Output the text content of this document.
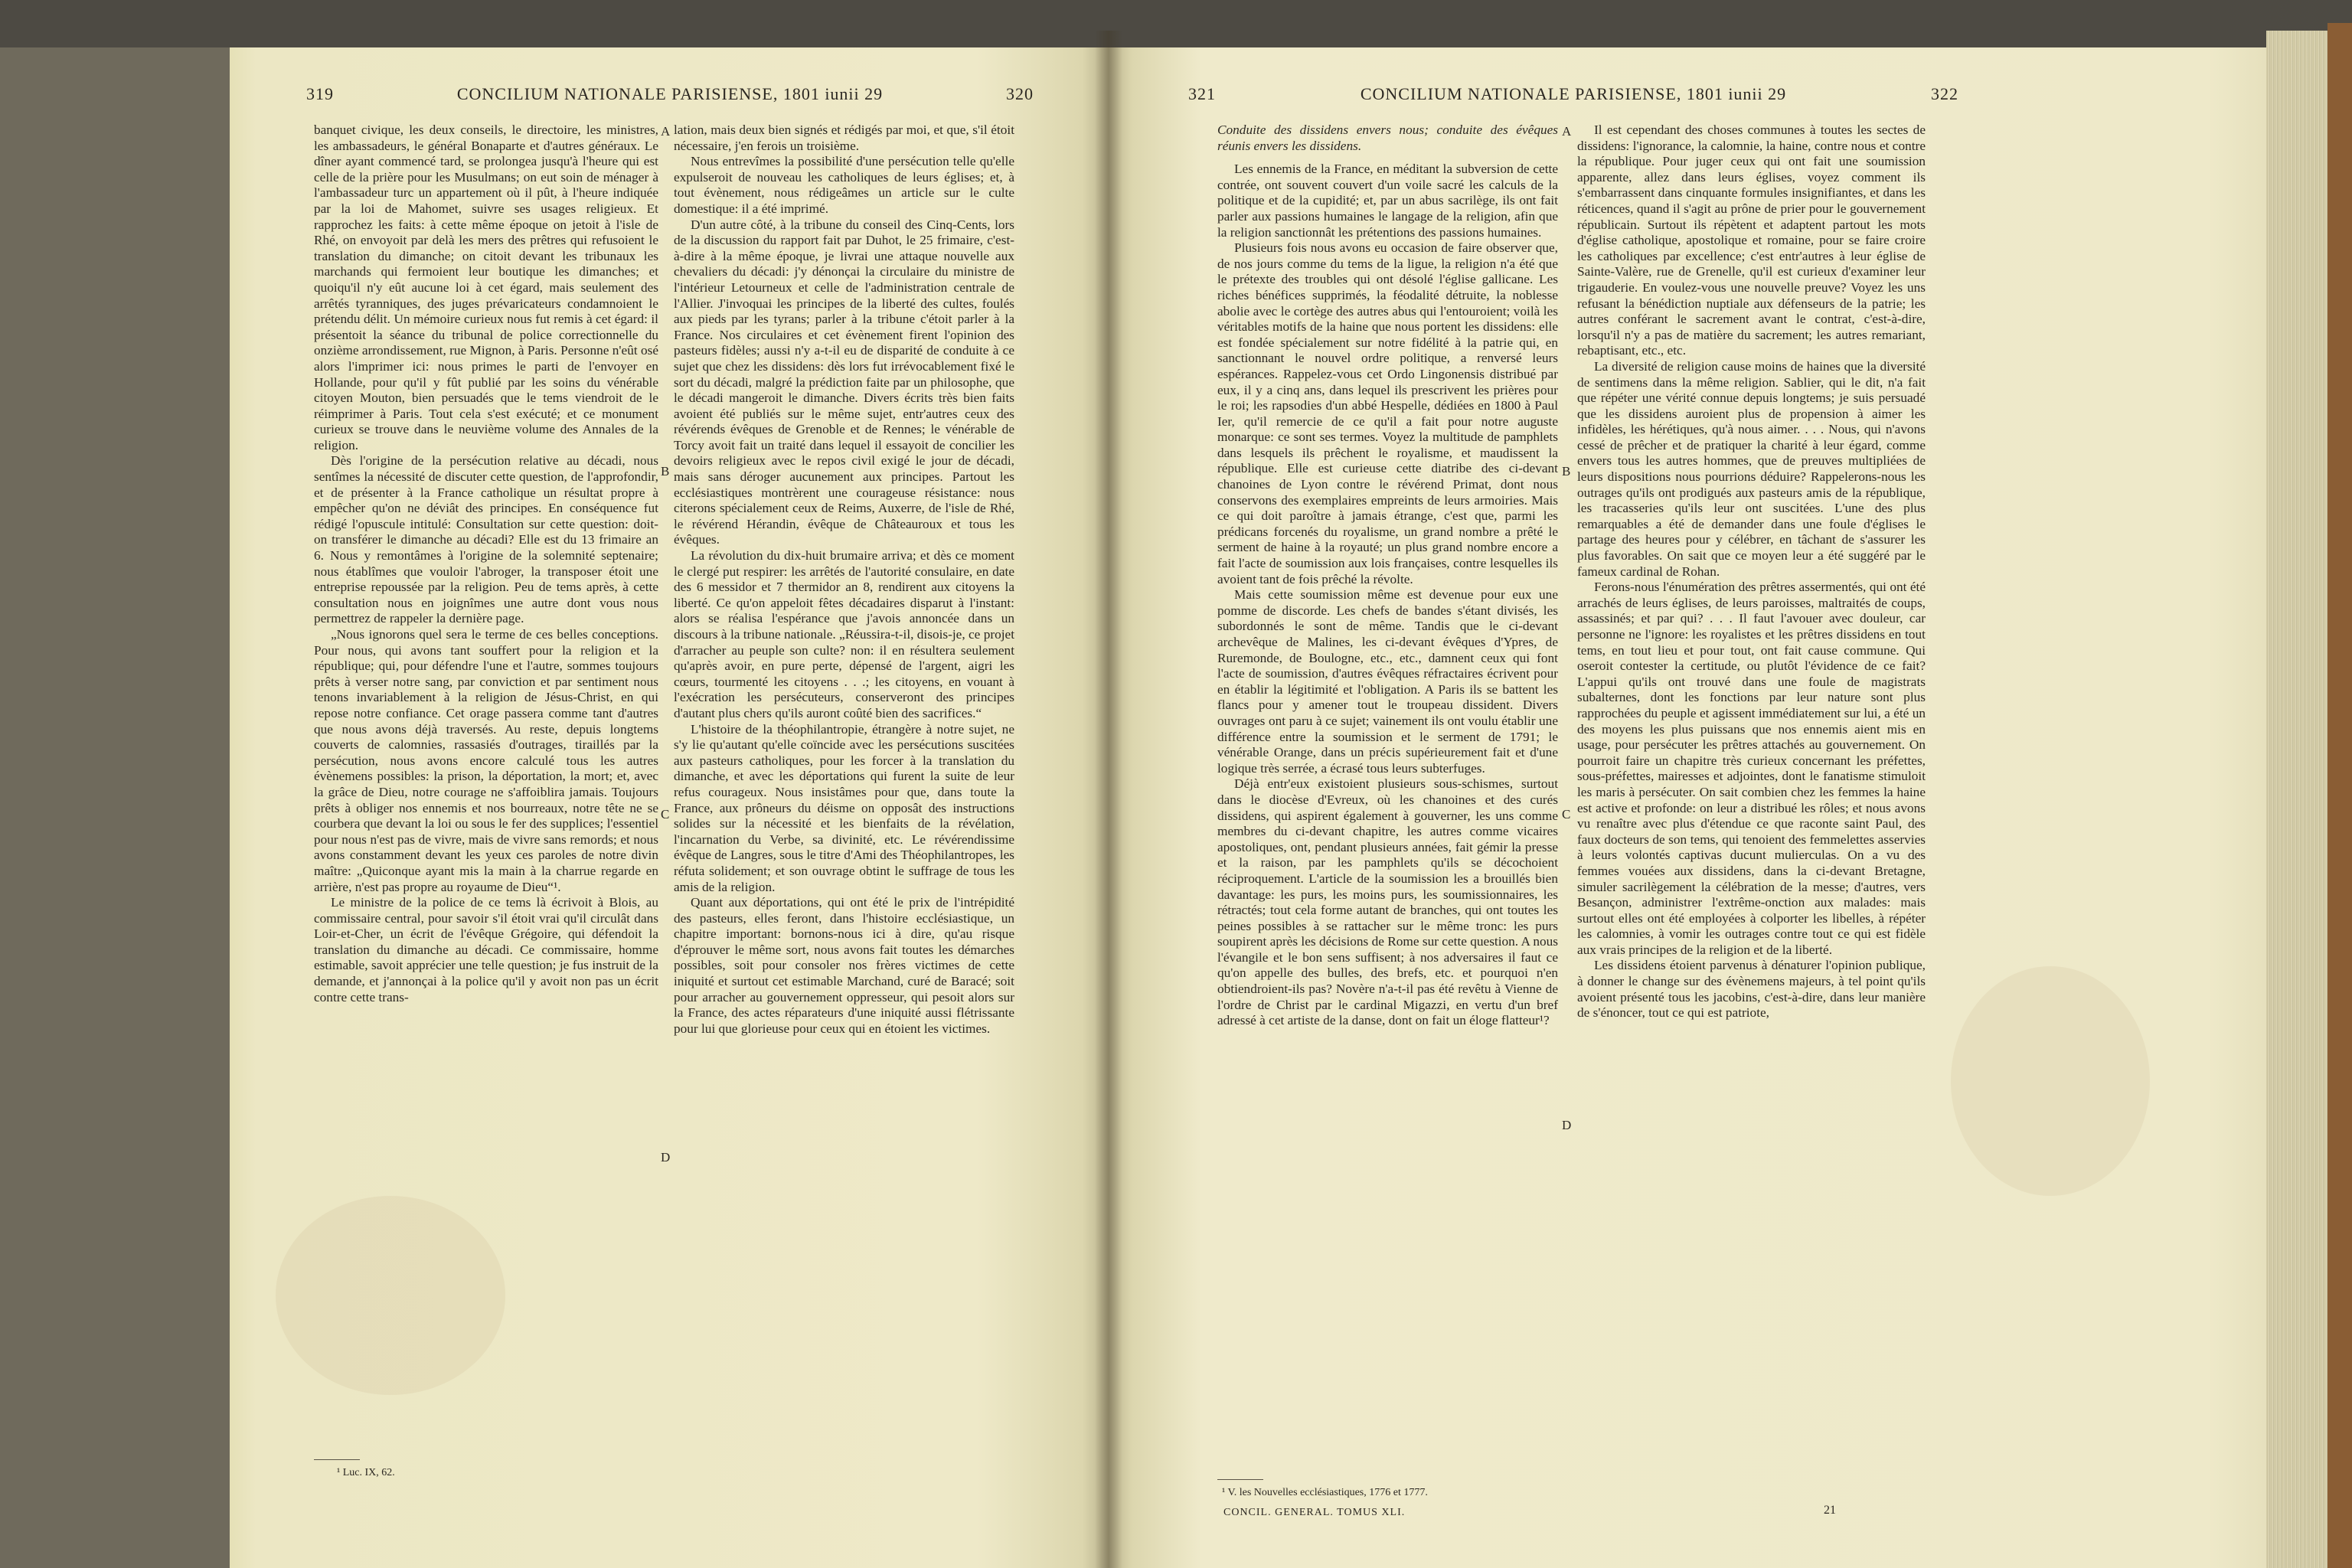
319	CONCILIUM NATIONALE PARISIENSE, 1801 iunii 29	320

banquet civique, les deux conseils, le directoire, les ministres, les ambassadeurs, le général Bonaparte et d'autres généraux. Le dîner ayant commencé tard, se prolongea jusqu'à l'heure qui est celle de la prière pour les Musulmans; on eut soin de ménager à l'ambassadeur turc un appartement où il pût, à l'heure indiquée par la loi de Mahomet, suivre ses usages religieux. Et rapprochez les faits: à cette même époque on jetoit à l'isle de Rhé, on envoyoit par delà les mers des prêtres qui refusoient le translation du dimanche; on citoit devant les tribunaux les marchands qui fermoient leur boutique les dimanches; et quoiqu'il n'y eût aucune loi à cet égard, mais seulement des arrêtés tyranniques, des juges prévaricateurs condamnoient le prétendu délit. Un mémoire curieux nous fut remis à cet égard: il présentoit la séance du tribunal de police correctionnelle du onzième arrondissement, rue Mignon, à Paris. Personne n'eût osé alors l'imprimer ici: nous primes le parti de l'envoyer en Hollande, pour qu'il y fût publié par les soins du vénérable citoyen Mouton, bien persuadés que le tems viendroit de le réimprimer à Paris. Tout cela s'est exécuté; et ce monument curieux se trouve dans le neuvième volume des Annales de la religion.

Dès l'origine de la persécution relative au décadi, nous sentîmes la nécessité de discuter cette question, de l'approfondir, et de présenter à la France catholique un résultat propre à empêcher qu'on ne déviât des principes. En conséquence fut rédigé l'opuscule intitulé: Consultation sur cette question: doit-on transférer le dimanche au décadi? Elle est du 13 frimaire an 6. Nous y remontâmes à l'origine de la solemnité septenaire; nous établîmes que vouloir l'abroger, la transposer étoit une entreprise repoussée par la religion. Peu de tems après, à cette consultation nous en joignîmes une autre dont vous nous permettrez de rappeler la dernière page.

„Nous ignorons quel sera le terme de ces belles conceptions. Pour nous, qui avons tant souffert pour la religion et la république; qui, pour défendre l'une et l'autre, sommes toujours prêts à verser notre sang, par conviction et par sentiment nous tenons invariablement à la religion de Jésus-Christ, en qui repose notre confiance. Cet orage passera comme tant d'autres que nous avons déjà traversés. Au reste, depuis longtems couverts de calomnies, rassasiés d'outrages, tiraillés par la persécution, nous avons encore calculé tous les autres évènemens possibles: la prison, la déportation, la mort; et, avec la grâce de Dieu, notre courage ne s'affoiblira jamais. Toujours prêts à obliger nos ennemis et nos bourreaux, notre tête ne se courbera que devant la loi ou sous le fer des supplices; l'essentiel pour nous n'est pas de vivre, mais de vivre sans remords; et nous avons constamment devant les yeux ces paroles de notre divin maître: „Quiconque ayant mis la main à la charrue regarde en arrière, n'est pas propre au royaume de Dieu“¹.

Le ministre de la police de ce tems là écrivoit à Blois, au commissaire central, pour savoir s'il étoit vrai qu'il circulât dans Loir-et-Cher, un écrit de l'évêque Grégoire, qui défendoit la translation du dimanche au décadi. Ce commissaire, homme estimable, savoit apprécier une telle question; je fus instruit de la demande, et j'annonçai à la police qu'il y avoit non pas un écrit contre cette trans-

lation, mais deux bien signés et rédigés par moi, et que, s'il étoit nécessaire, j'en ferois un troisième.

Nous entrevîmes la possibilité d'une persécution telle qu'elle expulseroit de nouveau les catholiques de leurs églises; et, à tout évènement, nous rédigeâmes un article sur le culte domestique: il a été imprimé.

D'un autre côté, à la tribune du conseil des Cinq-Cents, lors de la discussion du rapport fait par Duhot, le 25 frimaire, c'est-à-dire à la même époque, je livrai une attaque nouvelle aux chevaliers du décadi: j'y dénonçai la circulaire du ministre de l'intérieur Letourneux et celle de l'administration centrale de l'Allier. J'invoquai les principes de la liberté des cultes, foulés aux pieds par les tyrans; parler à la tribune c'étoit parler à la France. Nos circulaires et cet évènement firent l'opinion des pasteurs fidèles; aussi n'y a-t-il eu de disparité de conduite à ce sujet que chez les dissidens: dès lors fut irrévocablement fixé le sort du décadi, malgré la prédiction faite par un philosophe, que le décadi mangeroit le dimanche. Divers écrits très bien faits avoient été publiés sur le même sujet, entr'autres ceux des révérends évêques de Grenoble et de Rennes; le vénérable de Torcy avoit fait un traité dans lequel il essayoit de concilier les devoirs religieux avec le repos civil exigé le jour de décadi, mais sans déroger aucunement aux principes. Partout les ecclésiastiques montrèrent une courageuse résistance: nous citerons spécialement ceux de Reims, Auxerre, de l'isle de Rhé, le révérend Hérandin, évêque de Châteauroux et tous les évêques.

La révolution du dix-huit brumaire arriva; et dès ce moment le clergé put respirer: les arrêtés de l'autorité consulaire, en date des 6 messidor et 7 thermidor an 8, rendirent aux citoyens la liberté. Ce qu'on appeloit fêtes décadaires disparut à l'instant: alors se réalisa l'espérance que j'avois annoncée dans un discours à la tribune nationale. „Réussira-t-il, disois-je, ce projet d'arracher au peuple son culte? non: il en résultera seulement qu'après avoir, en pure perte, dépensé de l'argent, aigri les cœurs, tourmenté les citoyens . . .; les citoyens, en vouant à l'exécration les persécuteurs, conserveront des principes d'autant plus chers qu'ils auront coûté bien des sacrifices.“

L'histoire de la théophilantropie, étrangère à notre sujet, ne s'y lie qu'autant qu'elle coïncide avec les persécutions suscitées aux pasteurs catholiques, pour les forcer à la translation du dimanche, et avec les déportations qui furent la suite de leur refus courageux. Nous insistâmes pour que, dans toute la France, aux prôneurs du déisme on opposât des instructions solides sur la nécessité et les bienfaits de la révélation, l'incarnation du Verbe, sa divinité, etc. Le révérendissime évêque de Langres, sous le titre d'Ami des Théophilantropes, les réfuta solidement; et son ouvrage obtint le suffrage de tous les amis de la religion.

Quant aux déportations, qui ont été le prix de l'intrépidité des pasteurs, elles feront, dans l'histoire ecclésiastique, un chapitre important: bornons-nous ici à dire, qu'au risque d'éprouver le même sort, nous avons fait toutes les démarches possibles, soit pour consoler nos frères victimes de cette iniquité et surtout cet estimable Marchand, curé de Baracé; soit pour arracher au gouvernement oppresseur, qui pesoit alors sur la France, des actes réparateurs d'une iniquité aussi flétrissante pour lui que glorieuse pour ceux qui en étoient les victimes.

A
B
C
D
¹ Luc. IX, 62.
321	CONCILIUM NATIONALE PARISIENSE, 1801 iunii 29	322

Conduite des dissidens envers nous; conduite des évêques réunis envers les dissidens.

Les ennemis de la France, en méditant la subversion de cette contrée, ont souvent couvert d'un voile sacré les calculs de la politique et de la cupidité; et, par un abus sacrilège, ils ont fait parler aux passions humaines le langage de la religion, afin que la religion sanctionnât les prétentions des passions humaines.

Plusieurs fois nous avons eu occasion de faire observer que, de nos jours comme du tems de la ligue, la religion n'a été que le prétexte des troubles qui ont désolé l'église gallicane. Les riches bénéfices supprimés, la féodalité détruite, la noblesse abolie avec le cortège des autres abus qui l'entouroient; voilà les véritables motifs de la haine que nous portent les dissidens: elle est fondée spécialement sur notre fidélité à la patrie qui, en sanctionnant le nouvel ordre politique, a renversé leurs espérances. Rappelez-vous cet Ordo Lingonensis distribué par eux, il y a cinq ans, dans lequel ils prescrivent les prières pour le roi; les rapsodies d'un abbé Hespelle, dédiées en 1800 à Paul Ier, qu'il remercie de ce qu'il a fait pour notre auguste monarque: ce sont ses termes. Voyez la multitude de pamphlets dans lesquels ils prêchent le royalisme, et maudissent la république. Elle est curieuse cette diatribe des ci-devant chanoines de Lyon contre le révérend Primat, dont nous conservons des exemplaires empreints de leurs armoiries. Mais ce qui doit paroître à jamais étrange, c'est que, parmi les prédicans forcenés du royalisme, un grand nombre a prêté le serment de haine à la royauté; un plus grand nombre encore a fait l'acte de soumission aux lois françaises, contre lesquelles ils avoient tant de fois prêché la révolte.

Mais cette soumission même est devenue pour eux une pomme de discorde. Les chefs de bandes s'étant divisés, les subordonnés le sont de même. Tandis que le ci-devant archevêque de Malines, les ci-devant évêques d'Ypres, de Ruremonde, de Boulogne, etc., etc., damnent ceux qui font l'acte de soumission, d'autres évêques réfractaires écrivent pour en établir la légitimité et l'obligation. A Paris ils se battent les flancs pour y amener tout le troupeau dissident. Divers ouvrages ont paru à ce sujet; vainement ils ont voulu établir une différence entre la soumission et le serment de 1791; le vénérable Orange, dans un précis supérieurement fait et d'une logique très serrée, a écrasé tous leurs subterfuges.

Déjà entr'eux existoient plusieurs sous-schismes, surtout dans le diocèse d'Evreux, où les chanoines et des curés dissidens, qui aspirent également à gouverner, les uns comme membres du ci-devant chapitre, les autres comme vicaires apostoliques, ont, pendant plusieurs années, fait gémir la presse et la raison, par les pamphlets qu'ils se décochoient réciproquement. L'article de la soumission les a brouillés bien davantage: les purs, les moins purs, les soumissionnaires, les rétractés; tout cela forme autant de branches, qui ont toutes les peines possibles à se rattacher sur le même tronc: les purs soupirent après les décisions de Rome sur cette question. A nous l'évangile et le bon sens suffisent; à nos adversaires il faut ce qu'on appelle des bulles, des brefs, etc. et pourquoi n'en obtiendroient-ils pas? Novère n'a-t-il pas été revêtu à Vienne de l'ordre de Christ par le cardinal Migazzi, en vertu d'un bref adressé à cet artiste de la danse, dont on fait un éloge flatteur¹?

Il est cependant des choses communes à toutes les sectes de dissidens: l'ignorance, la calomnie, la haine, contre nous et contre la république. Pour juger ceux qui ont fait une soumission apparente, allez dans leurs églises, voyez comment ils s'embarrassent dans cinquante formules insignifiantes, et dans les réticences, quand il s'agit au prône de prier pour le gouvernement républicain. Surtout ils répètent et adaptent partout les mots d'église catholique, apostolique et romaine, pour se faire croire les catholiques par excellence; c'est entr'autres à leur église de Sainte-Valère, rue de Grenelle, qu'il est curieux d'examiner leur trigauderie. En voulez-vous une nouvelle preuve? Voyez les uns refusant la bénédiction nuptiale aux défenseurs de la patrie; les autres conférant le sacrement avant le contrat, c'est-à-dire, lorsqu'il n'y a pas de matière du sacrement; les autres remariant, rebaptisant, etc., etc.

La diversité de religion cause moins de haines que la diversité de sentimens dans la même religion. Sablier, qui le dit, n'a fait que répéter une vérité connue depuis longtems; je suis persuadé que les dissidens auroient plus de propension à aimer les infidèles, les hérétiques, qu'à nous aimer. . . . Nous, qui n'avons cessé de prêcher et de pratiquer la charité à leur égard, comme envers tous les autres hommes, que de preuves multipliées de leurs dispositions nous pourrions déduire? Rappelerons-nous les outrages qu'ils ont prodigués aux pasteurs amis de la république, les tracasseries qu'ils leur ont suscitées. L'une des plus remarquables a été de demander dans une foule d'églises le partage des heures pour y célébrer, en tâchant de s'assurer les plus favorables. On sait que ce moyen leur a été suggéré par le fameux cardinal de Rohan.

Ferons-nous l'énumération des prêtres assermentés, qui ont été arrachés de leurs églises, de leurs paroisses, maltraités de coups, assassinés; et par qui? . . . Il faut l'avouer avec douleur, car personne ne l'ignore: les royalistes et les prêtres dissidens en tout tems, en tout lieu et pour tout, ont fait cause commune. Qui oseroit contester la certitude, ou plutôt l'évidence de ce fait? L'appui qu'ils ont trouvé dans une foule de magistrats subalternes, dont les fonctions par leur nature sont plus rapprochées du peuple et agissent immédiatement sur lui, a été un des moyens les plus puissans que nos ennemis aient mis en usage, pour persécuter les prêtres attachés au gouvernement. On pourroit faire un chapitre très curieux concernant les préfettes, sous-préfettes, mairesses et adjointes, dont le fanatisme stimuloit les maris à persécuter. On sait combien chez les femmes la haine est active et profonde: on leur a distribué les rôles; et nous avons vu renaître avec plus d'étendue ce que raconte saint Paul, des faux docteurs de son tems, qui tenoient des femmelettes asservies à leurs volontés captivas ducunt mulierculas. On a vu des femmes vouées aux dissidens, dans la ci-devant Bretagne, simuler sacrilègement la célébration de la messe; d'autres, vers Besançon, administrer l'extrême-onction aux malades: mais surtout elles ont été employées à colporter les libelles, à répéter les calomnies, à vomir les outrages contre tout ce qui est fidèle aux vrais principes de la religion et de la liberté.

Les dissidens étoient parvenus à dénaturer l'opinion publique, à donner le change sur des évènemens majeurs, à tel point qu'ils avoient présenté tous les jacobins, c'est-à-dire, dans leur manière de s'énoncer, tout ce qui est patriote,

A
B
C
D
¹ V. les Nouvelles ecclésiastiques, 1776 et 1777.
CONCIL. GENERAL. TOMUS XLI.	21
